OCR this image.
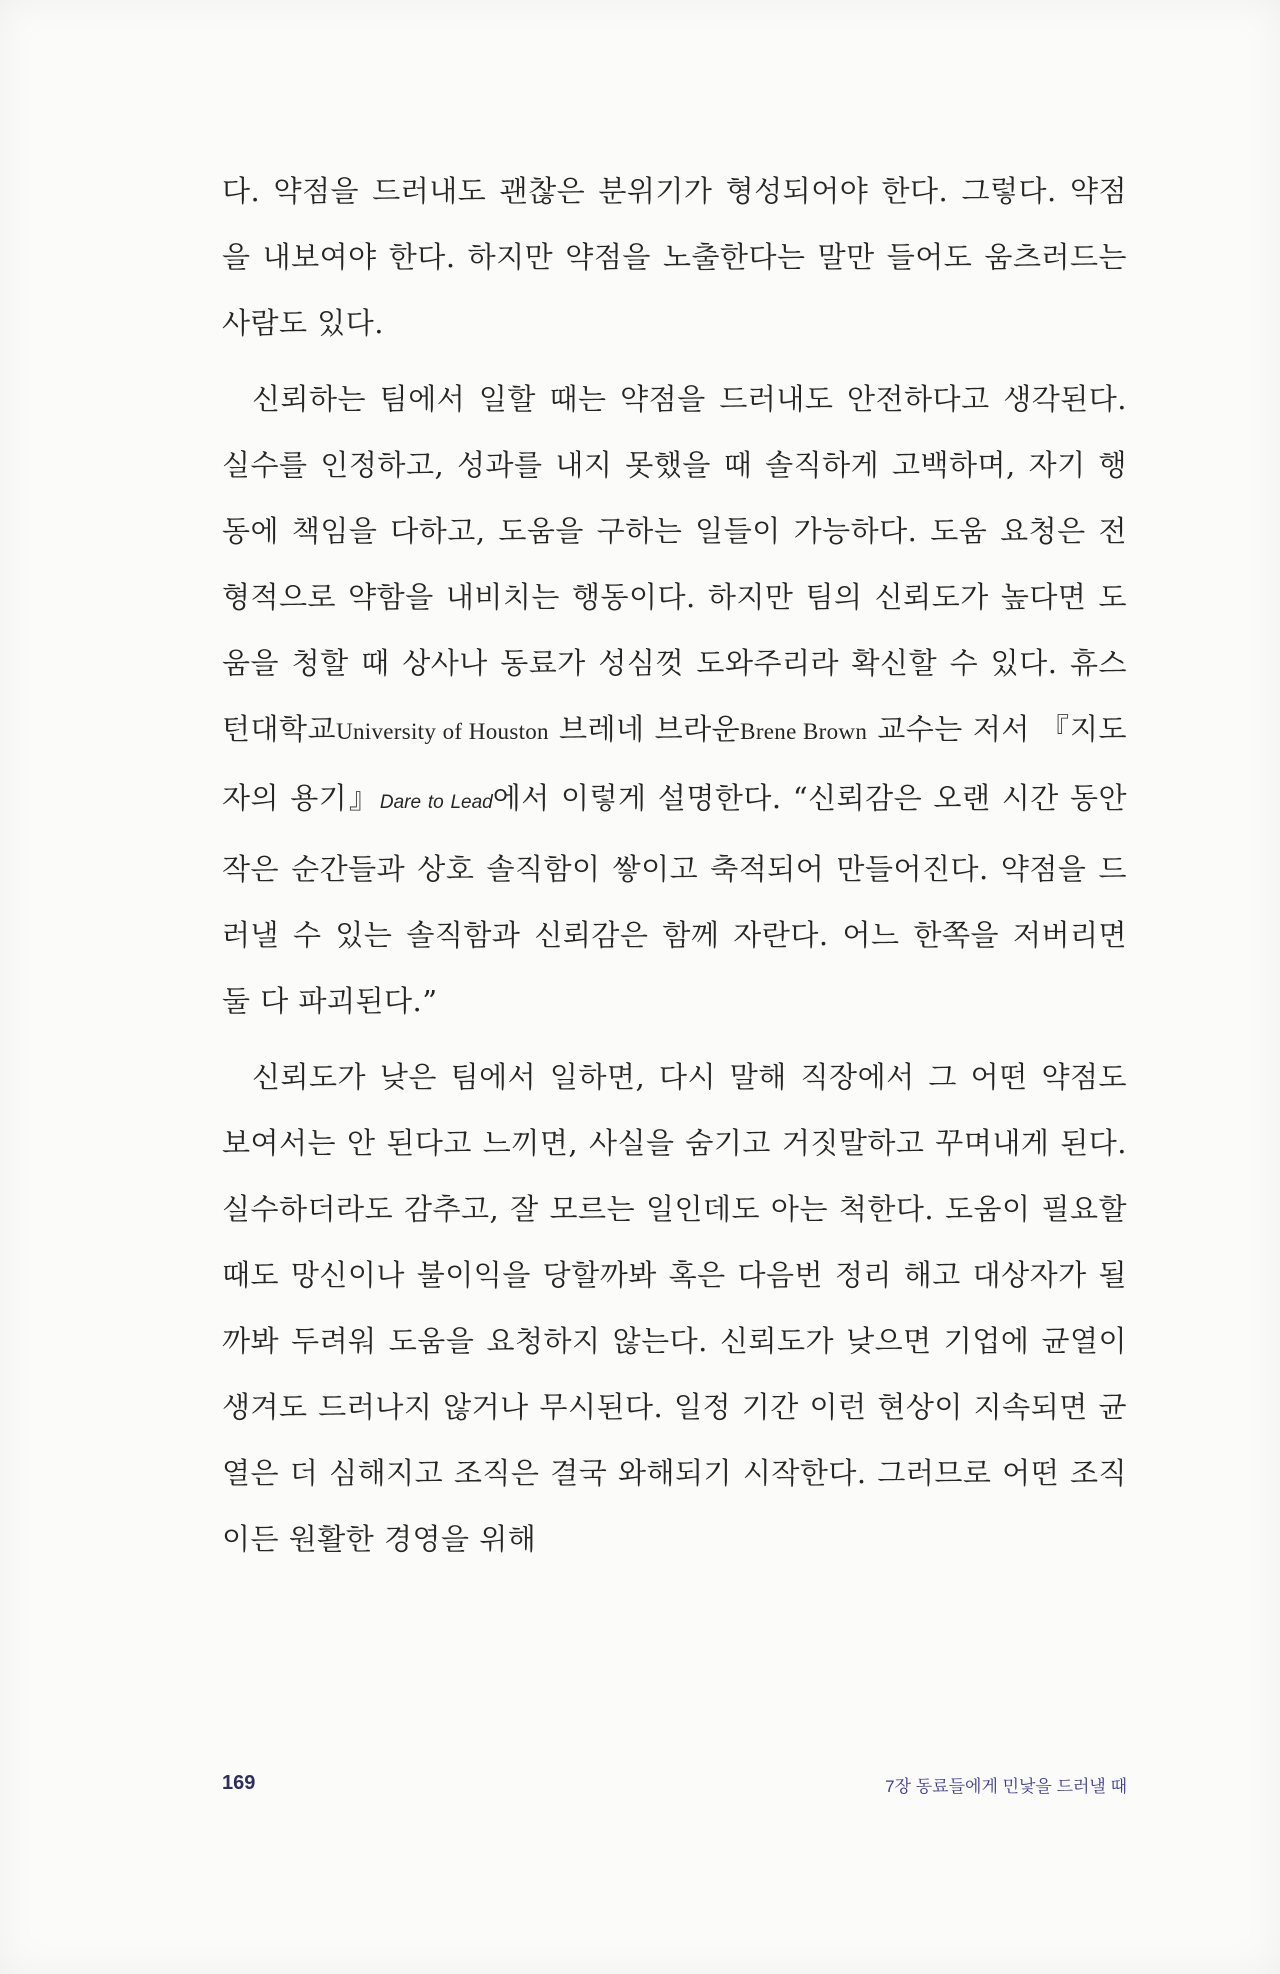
다. 약점을 드러내도 괜찮은 분위기가 형성되어야 한다. 그렇다. 약점을 내보여야 한다. 하지만 약점을 노출한다는 말만 들어도 움츠러드는 사람도 있다.

신뢰하는 팀에서 일할 때는 약점을 드러내도 안전하다고 생각된다. 실수를 인정하고, 성과를 내지 못했을 때 솔직하게 고백하며, 자기 행동에 책임을 다하고, 도움을 구하는 일들이 가능하다. 도움 요청은 전형적으로 약함을 내비치는 행동이다. 하지만 팀의 신뢰도가 높다면 도움을 청할 때 상사나 동료가 성심껏 도와주리라 확신할 수 있다. 휴스턴대학교University of Houston 브레네 브라운Brene Brown 교수는 저서 『지도자의 용기』Dare to Lead에서 이렇게 설명한다. “신뢰감은 오랜 시간 동안 작은 순간들과 상호 솔직함이 쌓이고 축적되어 만들어진다. 약점을 드러낼 수 있는 솔직함과 신뢰감은 함께 자란다. 어느 한쪽을 저버리면 둘 다 파괴된다.”

신뢰도가 낮은 팀에서 일하면, 다시 말해 직장에서 그 어떤 약점도 보여서는 안 된다고 느끼면, 사실을 숨기고 거짓말하고 꾸며내게 된다. 실수하더라도 감추고, 잘 모르는 일인데도 아는 척한다. 도움이 필요할 때도 망신이나 불이익을 당할까봐 혹은 다음번 정리 해고 대상자가 될까봐 두려워 도움을 요청하지 않는다. 신뢰도가 낮으면 기업에 균열이 생겨도 드러나지 않거나 무시된다. 일정 기간 이런 현상이 지속되면 균열은 더 심해지고 조직은 결국 와해되기 시작한다. 그러므로 어떤 조직이든 원활한 경영을 위해

169	7장 동료들에게 민낯을 드러낼 때
